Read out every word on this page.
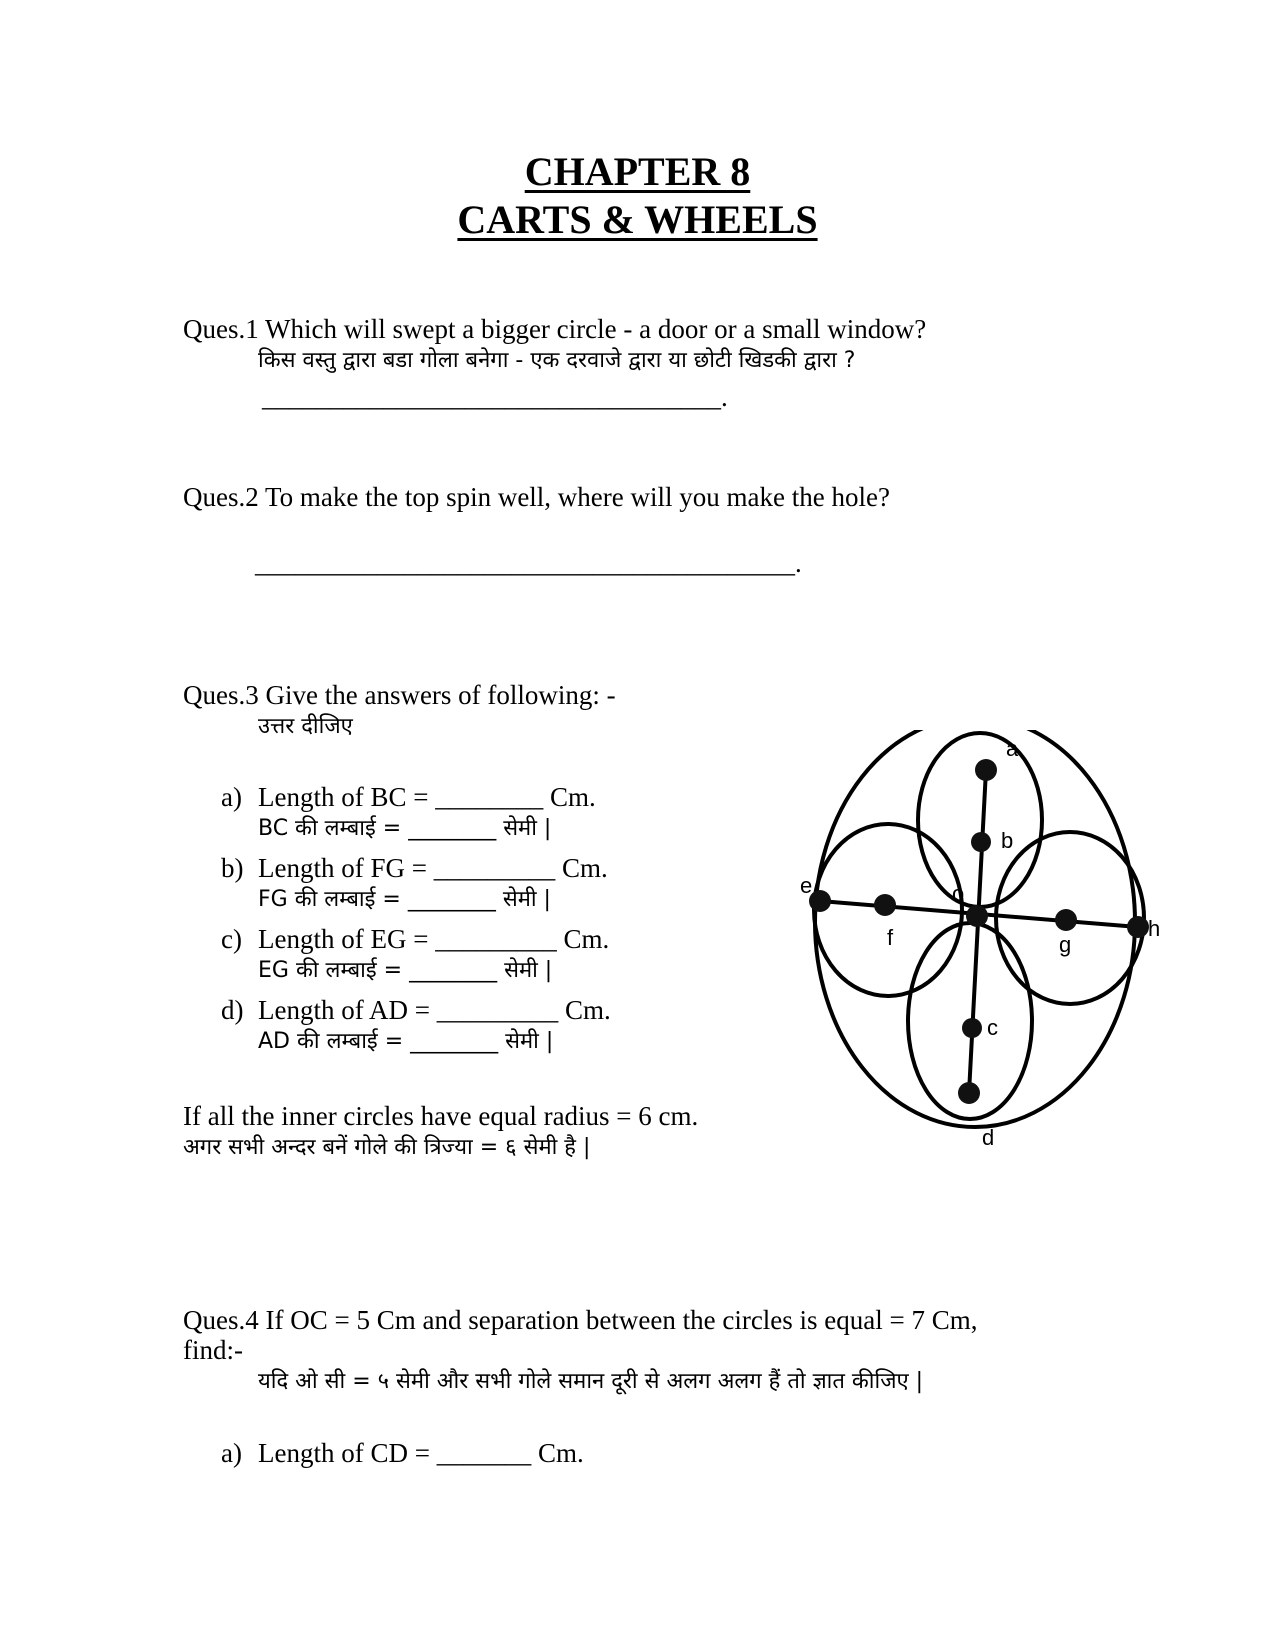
CHAPTER 8
CARTS & WHEELS
Ques.1 Which will swept a bigger circle - a door or a small window?
किस वस्तु द्वारा बडा गोला बनेगा - एक दरवाजे द्वारा या छोटी खिडकी द्वारा ?
__________________________________.
Ques.2 To make the top spin well, where will you make the hole?
________________________________________.
Ques.3 Give the answers of following: -
उत्तर दीजिए
a) Length of BC = ________ Cm.
BC की लम्बाई = ________ सेमी |
b) Length of FG = _________ Cm.
FG की लम्बाई = ________ सेमी |
c) Length of EG = _________ Cm.
EG की लम्बाई = ________ सेमी |
d) Length of AD = _________ Cm.
AD की लम्बाई = ________ सेमी |
If all the inner circles have equal radius = 6 cm.
अगर सभी अन्दर बनें गोले की त्रिज्या = ६ सेमी है |
a
b
o
c
d
e
f	g
h
Ques.4 If OC = 5 Cm and separation between the circles is equal = 7 Cm,
find:-
यदि ओ सी = ५ सेमी और सभी गोले समान दूरी से अलग अलग हैं तो ज्ञात कीजिए |
a) Length of CD = _______ Cm.
